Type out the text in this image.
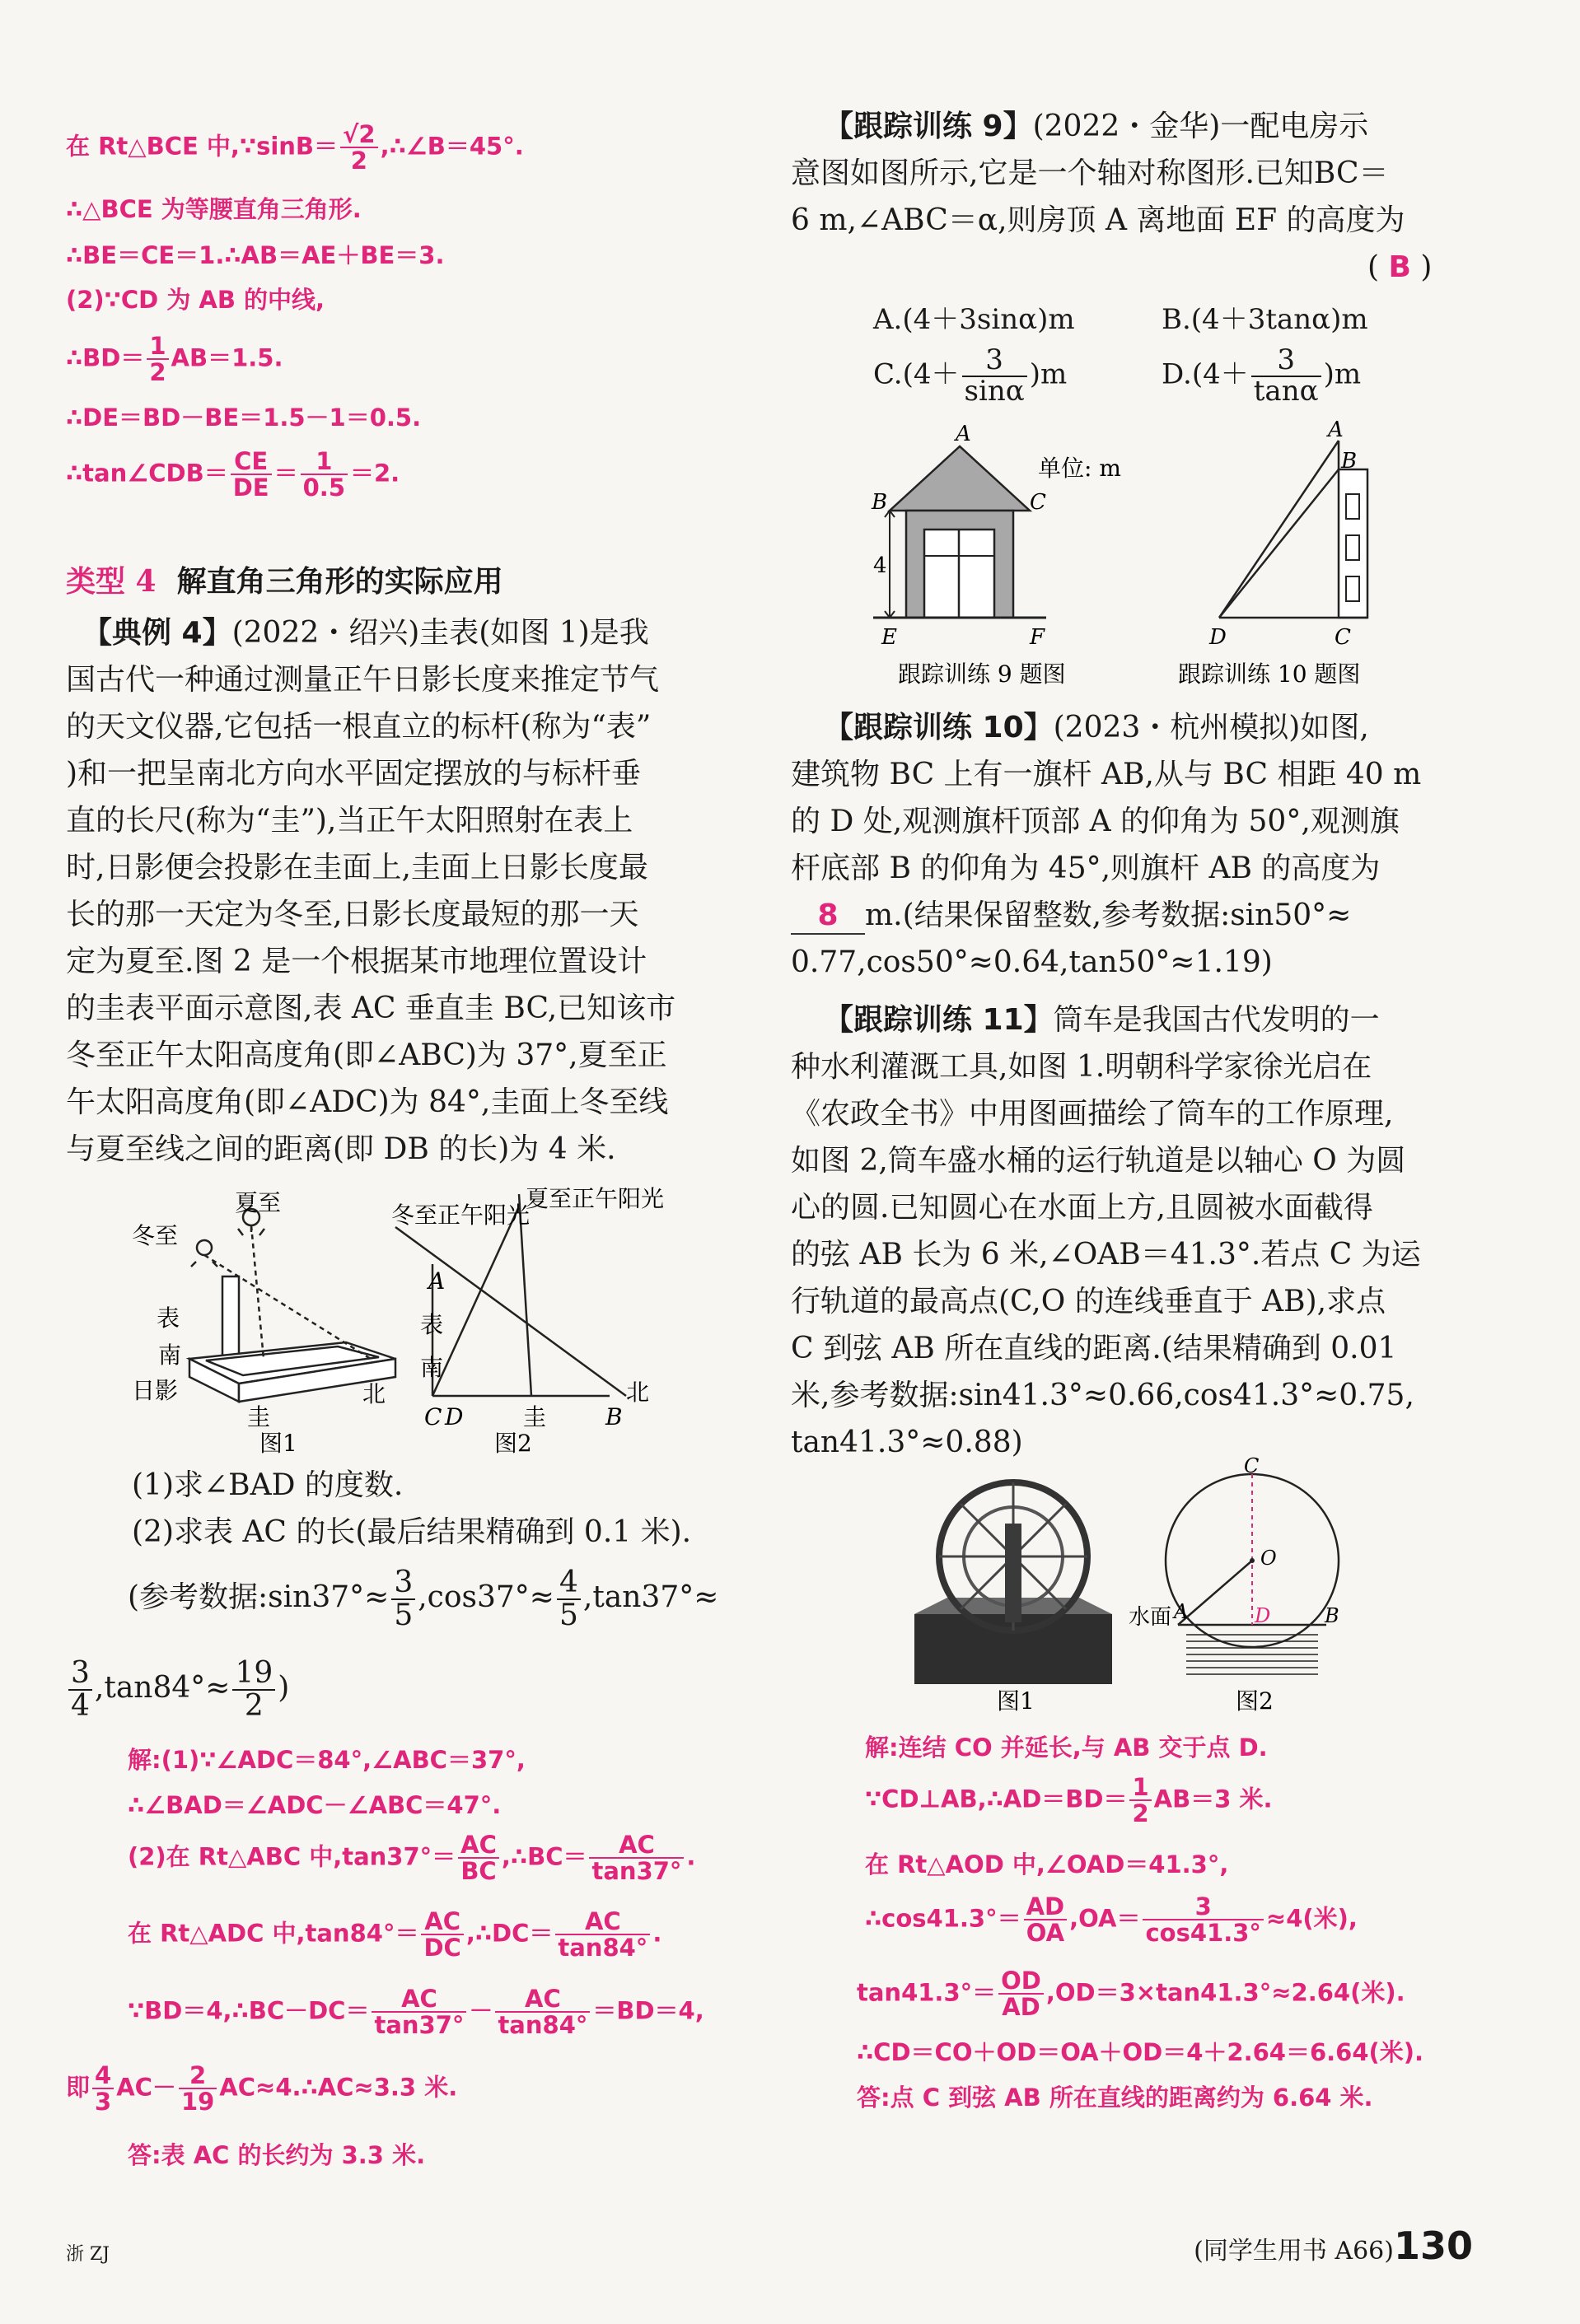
在 Rt△BCE 中,∵sinB＝ $\frac{√2}{2}$ ,∴∠B＝45°.
∴△BCE 为等腰直角三角形.
∴BE＝CE＝1.∴AB＝AE＋BE＝3.
(2)∵CD 为 AB 的中线,
∴BD＝ $\frac{1}{2} AB=1.5$.
∴DE＝BD－BE＝1.5－1＝0.5.
∴tan∠CDB＝ $\frac{CE}{DE} = \frac{1}{0.5} =2$.
类型 4 解直角三角形的实际应用
【典例 4】(2022・绍兴)圭表(如图 1)是我
国古代一种通过测量正午日影长度来推定节气
的天文仪器,它包括一根直立的标杆(称为“表”
)和一把呈南北方向水平固定摆放的与标杆垂
直的长尺(称为“圭”),当正午太阳照射在表上
时,日影便会投影在圭面上,圭面上日影长度最
长的那一天定为冬至,日影长度最短的那一天
定为夏至.图 2 是一个根据某市地理位置设计
的圭表平面示意图,表 AC 垂直圭 BC,已知该市
冬至正午太阳高度角(即∠ABC)为 37°,夏至正
午太阳高度角(即∠ADC)为 84°,圭面上冬至线
与夏至线之间的距离(即 DB 的长)为 4 米.
夏至
冬至
表
南
日影
圭
北
图1
冬至正午阳光
夏至正午阳光
A
表
南
C D	圭	B
北
图2
(1)求∠BAD 的度数.
(2)求表 AC 的长(最后结果精确到 0.1 米).
(参考数据:sin37°≈ $\frac{3}{5} ,\cos 37^\circ\approx \frac{4}{5} ,\tan 37^\circ\approx$
$\frac{3}{4} ,\tan 84^\circ\approx \frac{19}{2}$ )
解:(1)∵∠ADC＝84°,∠ABC＝37°,
∴∠BAD＝∠ADC－∠ABC＝47°.
(2)在 Rt△ABC 中$,\tan 37^\circ= \frac{AC}{BC}$ ,∴BC＝ $\frac{AC}{\tan 37^\circ}$ .
在 Rt△ADC 中$,\tan 84^\circ= \frac{AC}{DC}$ ,∴DC＝ $\frac{AC}{\tan 84^\circ}$ .
∵BD＝4,∴BC－DC＝ $\frac{AC}{\tan 37^\circ} - \frac{AC}{\tan 84^\circ} =BD=4$,
即 $\frac{4}{3} AC- \frac{2}{19}$ AC≈4.∴AC≈3.3 米.
答:表 AC 的长约为 3.3 米.
【跟踪训练 9】(2022・金华)一配电房示
意图如图所示,它是一个轴对称图形.已知BC＝
6 m,∠ABC＝α,则房顶 A 离地面 EF 的高度为
( B )
A.(4＋3sinα)m	B.(4＋3tanα)m
$C.(4+ \frac{3}{\sin\alpha} )m$	$D.(4+ \frac{3}{\tan\alpha} )m$
A
B	C
4
E	F
单位: m
跟踪训练 9 题图
A
B
C
D
跟踪训练 10 题图
【跟踪训练 10】(2023・杭州模拟)如图,
建筑物 BC 上有一旗杆 AB,从与 BC 相距 40 m
的 D 处,观测旗杆顶部 A 的仰角为 50°,观测旗
杆底部 B 的仰角为 45°,则旗杆 AB 的高度为
8 m.(结果保留整数,参考数据:sin50°≈
0.77,cos50°≈0.64,tan50°≈1.19)
【跟踪训练 11】筒车是我国古代发明的一
种水利灌溉工具,如图 1.明朝科学家徐光启在
《农政全书》中用图画描绘了筒车的工作原理,
如图 2,筒车盛水桶的运行轨道是以轴心 O 为圆
心的圆.已知圆心在水面上方,且圆被水面截得
的弦 AB 长为 6 米,∠OAB＝41.3°.若点 C 为运
行轨道的最高点(C,O 的连线垂直于 AB),求点
C 到弦 AB 所在直线的距离.(结果精确到 0.01
米,参考数据:sin41.3°≈0.66,cos41.3°≈0.75,
tan41.3°≈0.88)
图1
C
O
A	D	B
水面
图2
解:连结 CO 并延长,与 AB 交于点 D.
∵CD⊥AB,∴AD＝BD＝ $\frac{1}{2} AB=3$ 米.
在 Rt△AOD 中,∠OAD＝41.3°,
∴cos41.3°＝ $\frac{AD}{OA} ,OA= \frac{3}{\cos 41.3^\circ} \approx 4$(米),
$\tan 41.3^\circ= \frac{OD}{AD} ,OD=3\times\tan 41.3^\circ\approx 2.64$(米).
∴CD＝CO＋OD＝OA＋OD＝4＋2.64＝6.64(米).
答:点 C 到弦 AB 所在直线的距离约为 6.64 米.
浙 ZJ	(同学生用书 A66)130
